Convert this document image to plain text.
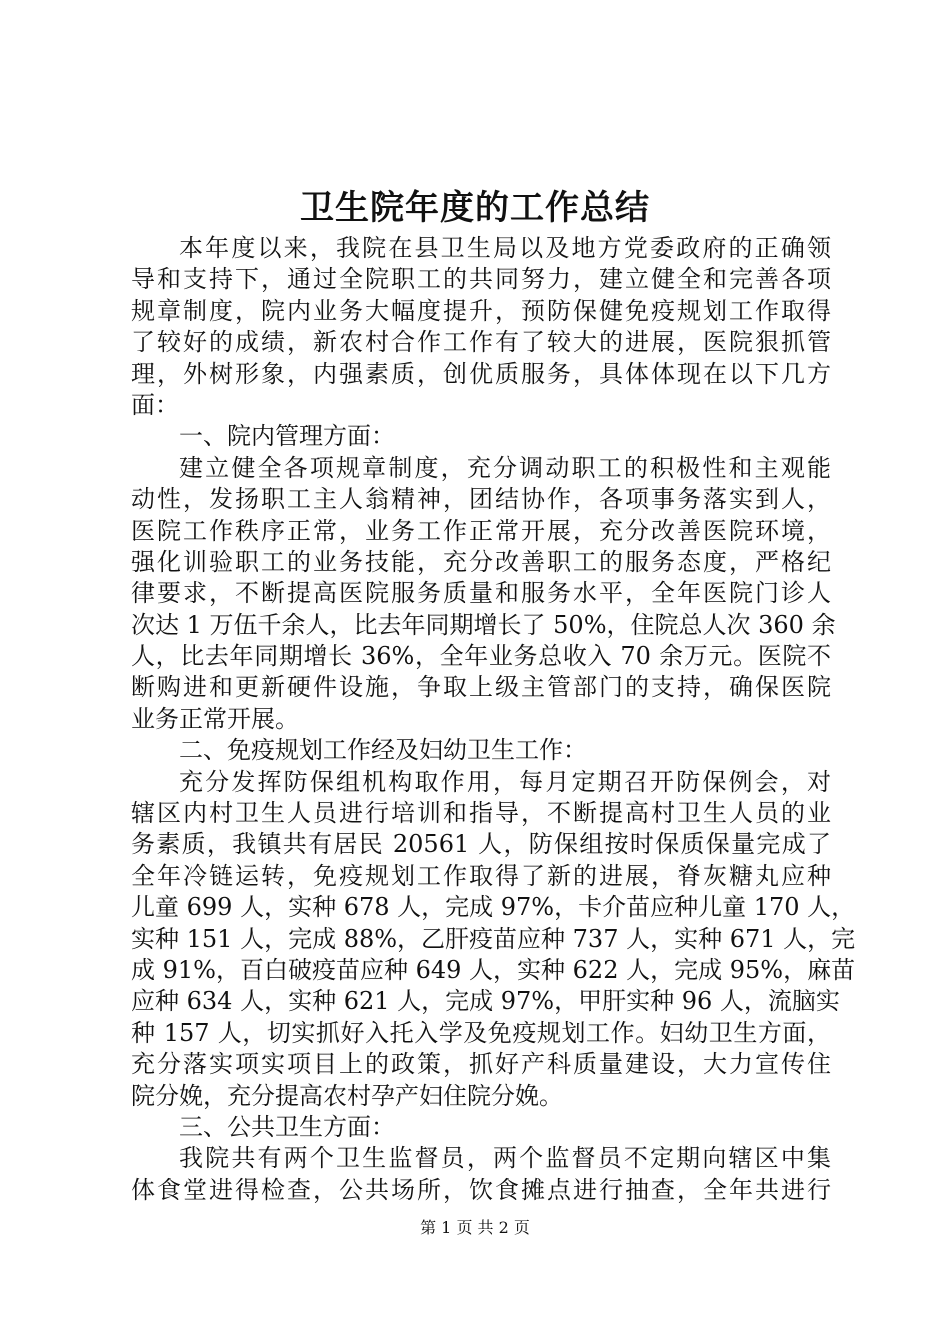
卫生院年度的工作总结
本年度以来，我院在县卫生局以及地方党委政府的正确领
导和支持下，通过全院职工的共同努力，建立健全和完善各项
规章制度，院内业务大幅度提升，预防保健免疫规划工作取得
了较好的成绩，新农村合作工作有了较大的进展，医院狠抓管
理，外树形象，内强素质，创优质服务，具体体现在以下几方
面：
一、院内管理方面：
建立健全各项规章制度，充分调动职工的积极性和主观能
动性，发扬职工主人翁精神，团结协作，各项事务落实到人，
医院工作秩序正常，业务工作正常开展，充分改善医院环境，
强化训验职工的业务技能，充分改善职工的服务态度，严格纪
律要求，不断提高医院服务质量和服务水平，全年医院门诊人
次达 1 万伍千余人，比去年同期增长了 50%，住院总人次 360 余
人，比去年同期增长 36%，全年业务总收入 70 余万元。医院不
断购进和更新硬件设施，争取上级主管部门的支持，确保医院
业务正常开展。
二、免疫规划工作经及妇幼卫生工作：
充分发挥防保组机构取作用，每月定期召开防保例会，对
辖区内村卫生人员进行培训和指导，不断提高村卫生人员的业
务素质，我镇共有居民 20561 人，防保组按时保质保量完成了
全年冷链运转，免疫规划工作取得了新的进展，脊灰糖丸应种
儿童 699 人，实种 678 人，完成 97%，卡介苗应种儿童 170 人，
实种 151 人，完成 88%，乙肝疫苗应种 737 人，实种 671 人，完
成 91%，百白破疫苗应种 649 人，实种 622 人，完成 95%，麻苗
应种 634 人，实种 621 人，完成 97%，甲肝实种 96 人，流脑实
种 157 人，切实抓好入托入学及免疫规划工作。妇幼卫生方面，
充分落实项实项目上的政策，抓好产科质量建设，大力宣传住
院分娩，充分提高农村孕产妇住院分娩。
三、公共卫生方面：
我院共有两个卫生监督员，两个监督员不定期向辖区中集
体食堂进得检查，公共场所，饮食摊点进行抽查，全年共进行
第 1 页 共 2 页
